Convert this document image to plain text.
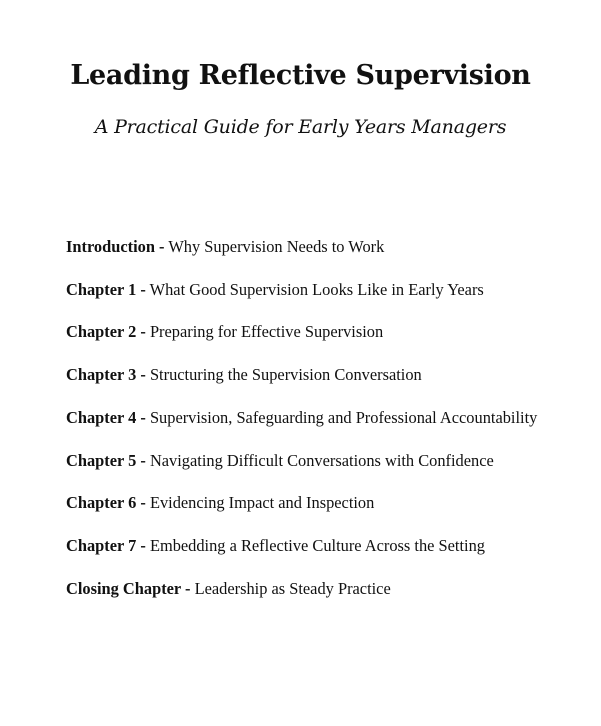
Leading Reflective Supervision

A Practical Guide for Early Years Managers

Introduction - Why Supervision Needs to Work
Chapter 1 - What Good Supervision Looks Like in Early Years
Chapter 2 - Preparing for Effective Supervision
Chapter 3 - Structuring the Supervision Conversation
Chapter 4 - Supervision, Safeguarding and Professional Accountability
Chapter 5 - Navigating Difficult Conversations with Confidence
Chapter 6 - Evidencing Impact and Inspection
Chapter 7 - Embedding a Reflective Culture Across the Setting
Closing Chapter - Leadership as Steady Practice
